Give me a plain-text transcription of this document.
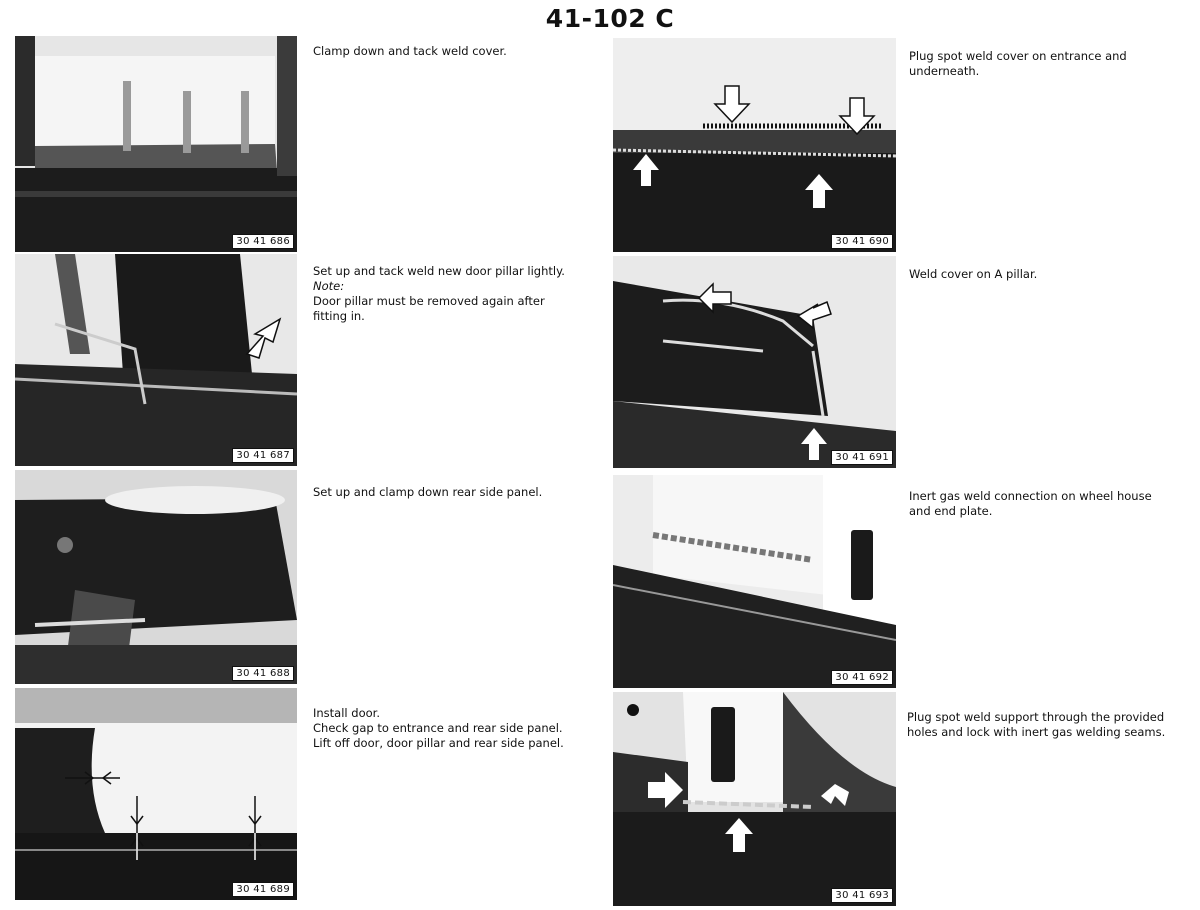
41-102 C
30 41 686
30 41 687
30 41 688
30 41 689
30 41 690
30 41 691
30 41 692
30 41 693

Clamp down and tack weld cover.

Set up and tack weld new door pillar lightly.

Note:

Door pillar must be removed again after

fitting in.

Set up and clamp down rear side panel.

Install door.

Check gap to entrance and rear side panel.

Lift off door, door pillar and rear side panel.

Plug spot weld cover on entrance and

underneath.

Weld cover on A pillar.

Inert gas weld connection on wheel house

and end plate.

Plug spot weld support through the provided

holes and lock with inert gas welding seams.
